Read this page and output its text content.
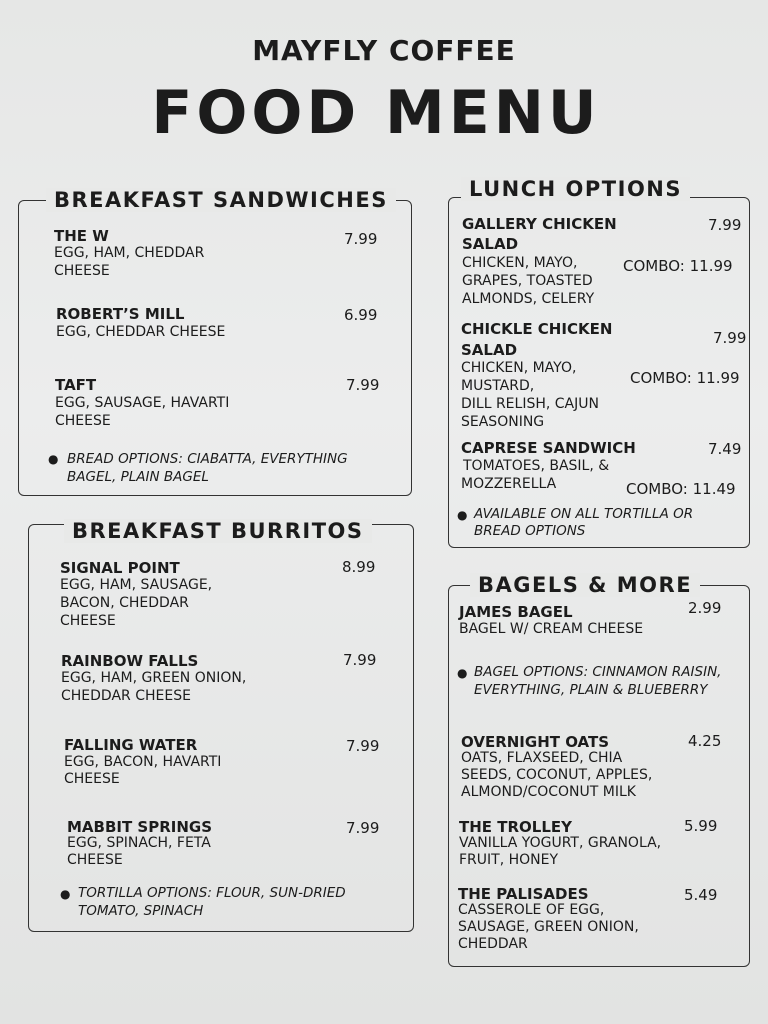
MAYFLY COFFEE
FOOD MENU
BREAKFAST SANDWICHES
THE W	7.99
EGG, HAM, CHEDDAR
CHEESE
ROBERT’S MILL	6.99
EGG, CHEDDAR CHEESE
TAFT	7.99
EGG, SAUSAGE, HAVARTI
CHEESE
● BREAD OPTIONS: CIABATTA, EVERYTHING
BAGEL, PLAIN BAGEL
BREAKFAST BURRITOS
SIGNAL POINT	8.99
EGG, HAM, SAUSAGE,
BACON, CHEDDAR
CHEESE
RAINBOW FALLS	7.99
EGG, HAM, GREEN ONION,
CHEDDAR CHEESE
FALLING WATER	7.99
EGG, BACON, HAVARTI
CHEESE
MABBIT SPRINGS	7.99
EGG, SPINACH, FETA
CHEESE
● TORTILLA OPTIONS: FLOUR, SUN-DRIED
TOMATO, SPINACH
LUNCH OPTIONS
GALLERY CHICKEN
SALAD
7.99
CHICKEN, MAYO,	COMBO: 11.99
GRAPES, TOASTED
ALMONDS, CELERY
CHICKLE CHICKEN
SALAD
7.99
CHICKEN, MAYO,
MUSTARD,	COMBO: 11.99
DILL RELISH, CAJUN
SEASONING
CAPRESE SANDWICH	7.49
TOMATOES, BASIL, &
MOZZERELLA	COMBO: 11.49
● AVAILABLE ON ALL TORTILLA OR
BREAD OPTIONS
BAGELS & MORE
JAMES BAGEL	2.99
BAGEL W/ CREAM CHEESE
● BAGEL OPTIONS: CINNAMON RAISIN,
EVERYTHING, PLAIN & BLUEBERRY
OVERNIGHT OATS	4.25
OATS, FLAXSEED, CHIA
SEEDS, COCONUT, APPLES,
ALMOND/COCONUT MILK
THE TROLLEY	5.99
VANILLA YOGURT, GRANOLA,
FRUIT, HONEY
THE PALISADES	5.49
CASSEROLE OF EGG,
SAUSAGE, GREEN ONION,
CHEDDAR
